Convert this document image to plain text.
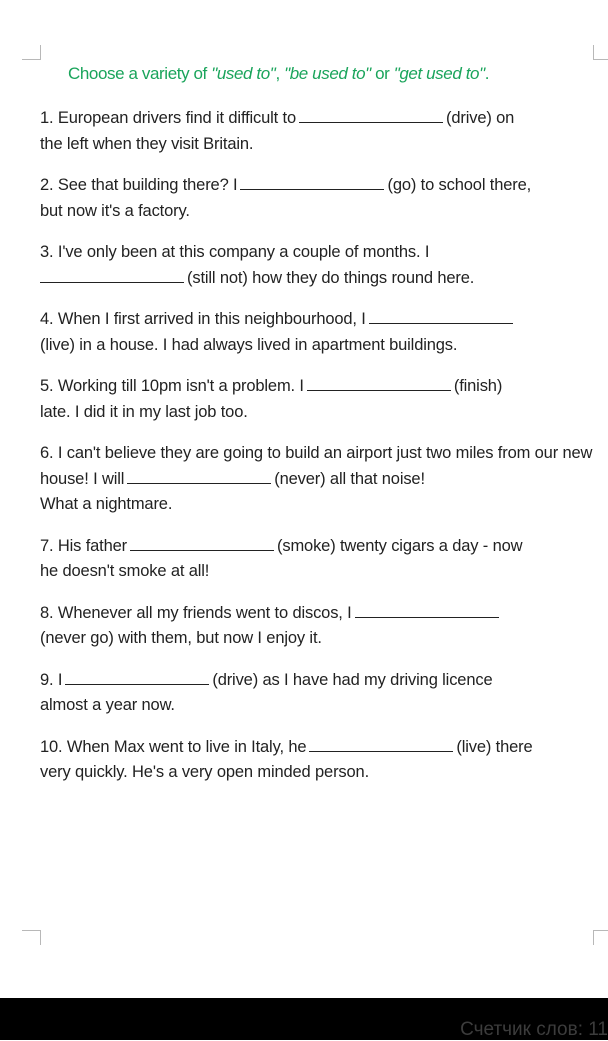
Choose a variety of "used to", "be used to" or "get used to".
1. European drivers find it difficult to	(drive) on
the left when they visit Britain.
2. See that building there? I	(go) to school there,
but now it's a factory.
3. I've only been at this company a couple of months. I
(still not) how they do things round here.
4. When I first arrived in this neighbourhood, I
(live) in a house. I had always lived in apartment buildings.
5. Working till 10pm isn't a problem. I	(finish)
late. I did it in my last job too.
6. I can't believe they are going to build an airport just two miles from our new house! I will	(never) all that noise!
What a nightmare.
7. His father	(smoke) twenty cigars a day - now
he doesn't smoke at all!
8. Whenever all my friends went to discos, I
(never go) with them, but now I enjoy it.
9. I	(drive) as I have had my driving licence
almost a year now.
10. When Max went to live in Italy, he	(live) there
very quickly. He's a very open minded person.
Счетчик слов: 11
